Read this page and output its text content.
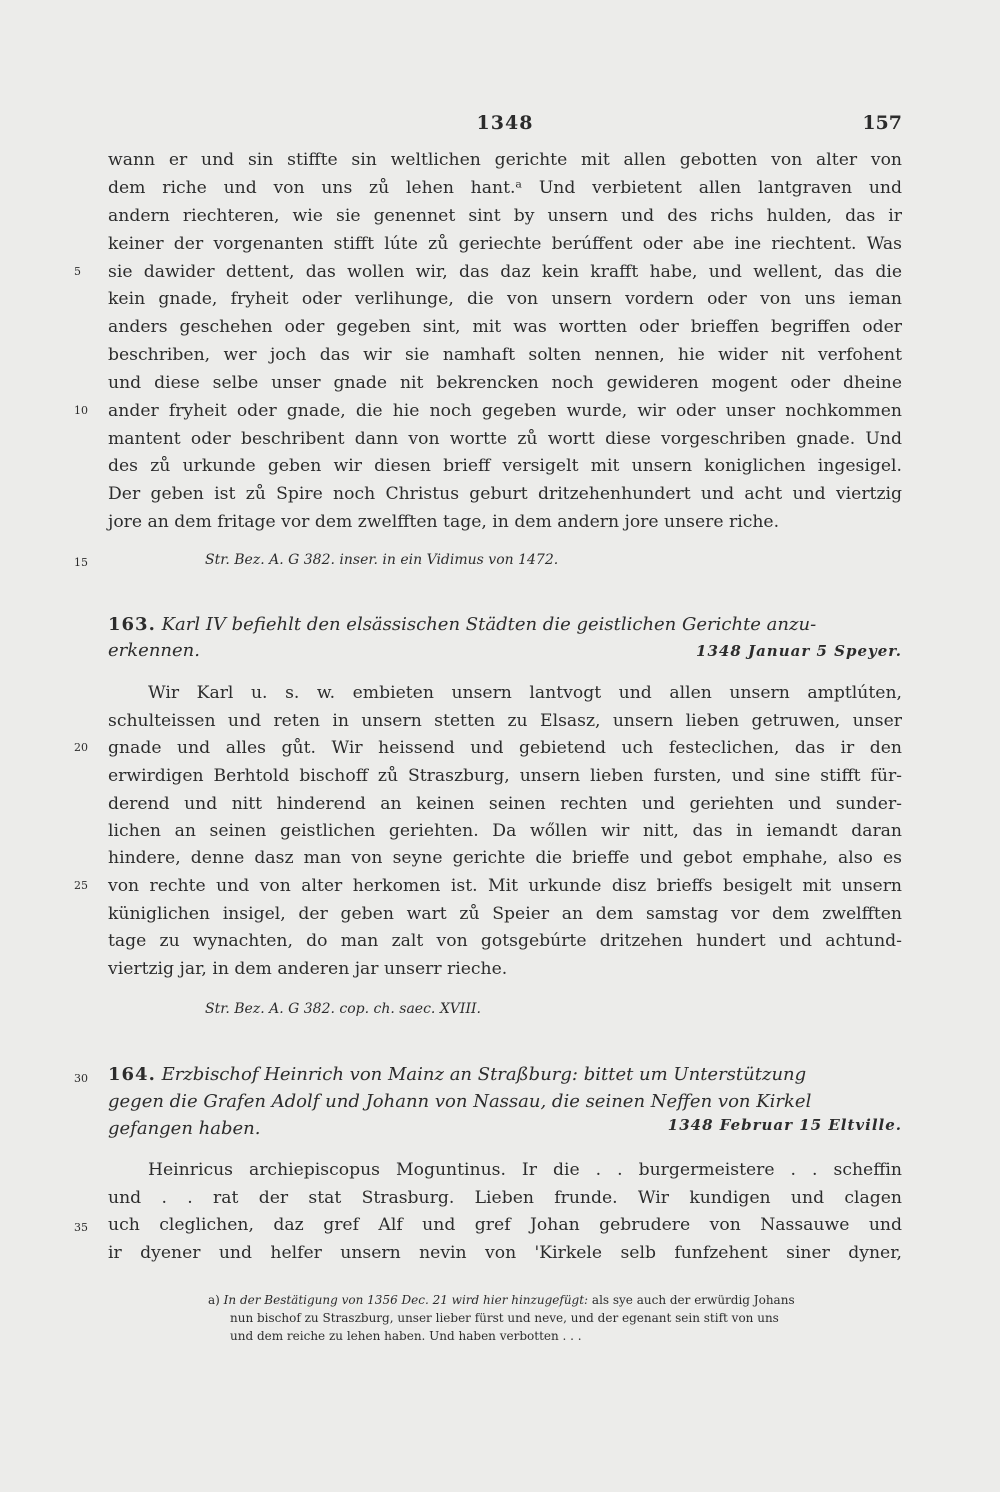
1348	157
wann er und sin stiffte sin weltlichen gerichte mit allen gebotten von alter von
dem riche und von uns zů lehen hant.ᵃ Und verbietent allen lantgraven und
andern riechteren, wie sie genennet sint by unsern und des richs hulden, das ir
keiner der vorgenanten stifft lúte zů geriechte berúffent oder abe ine riechtent. Was
sie dawider dettent, das wollen wir, das daz kein krafft habe, und wellent, das die
kein gnade, fryheit oder verlihunge, die von unsern vordern oder von uns ieman
anders geschehen oder gegeben sint, mit was wortten oder brieffen begriffen oder
beschriben, wer joch das wir sie namhaft solten nennen, hie wider nit verfohent
und diese selbe unser gnade nit bekrencken noch gewideren mogent oder dheine
ander fryheit oder gnade, die hie noch gegeben wurde, wir oder unser nochkommen
mantent oder beschribent dann von wortte zů wortt diese vorgeschriben gnade. Und
des zů urkunde geben wir diesen brieff versigelt mit unsern koniglichen ingesigel.
Der geben ist zů Spire noch Christus geburt dritzehenhundert und acht und viertzig
jore an dem fritage vor dem zwelfften tage, in dem andern jore unsere riche.
Str. Bez. A. G 382. inser. in ein Vidimus von 1472.
163. Karl IV befiehlt den elsässischen Städten die geistlichen Gerichte anzu-
erkennen.	1348 Januar 5 Speyer.
Wir Karl u. s. w. embieten unsern lantvogt und allen unsern amptlúten,
schulteissen und reten in unsern stetten zu Elsasz, unsern lieben getruwen, unser
gnade und alles gůt. Wir heissend und gebietend uch festeclichen, das ir den
erwirdigen Berhtold bischoff zů Straszburg, unsern lieben fursten, und sine stifft für-
derend und nitt hinderend an keinen seinen rechten und geriehten und sunder-
lichen an seinen geistlichen geriehten. Da wőllen wir nitt, das in iemandt daran
hindere, denne dasz man von seyne gerichte die brieffe und gebot emphahe, also es
von rechte und von alter herkomen ist. Mit urkunde disz brieffs besigelt mit unsern
küniglichen insigel, der geben wart zů Speier an dem samstag vor dem zwelfften
tage zu wynachten, do man zalt von gotsgebúrte dritzehen hundert und achtund-
viertzig jar, in dem anderen jar unserr rieche.
Str. Bez. A. G 382. cop. ch. saec. XVIII.
164. Erzbischof Heinrich von Mainz an Straßburg: bittet um Unterstützung
gegen die Grafen Adolf und Johann von Nassau, die seinen Neffen von Kirkel
gefangen haben.	1348 Februar 15 Eltville.
Heinricus archiepiscopus Moguntinus. Ir die . . burgermeistere . . scheffin
und . . rat der stat Strasburg. Lieben frunde. Wir kundigen und clagen
uch cleglichen, daz gref Alf und gref Johan gebrudere von Nassauwe und
ir dyener und helfer unsern nevin von 'Kirkele selb funfzehent siner dyner,
5
10
15
20
25
30
35
a) In der Bestätigung von 1356 Dec. 21 wird hier hinzugefügt: als sye auch der erwürdig Johans
nun bischof zu Straszburg, unser lieber fürst und neve, und der egenant sein stift von uns
und dem reiche zu lehen haben. Und haben verbotten . . .
